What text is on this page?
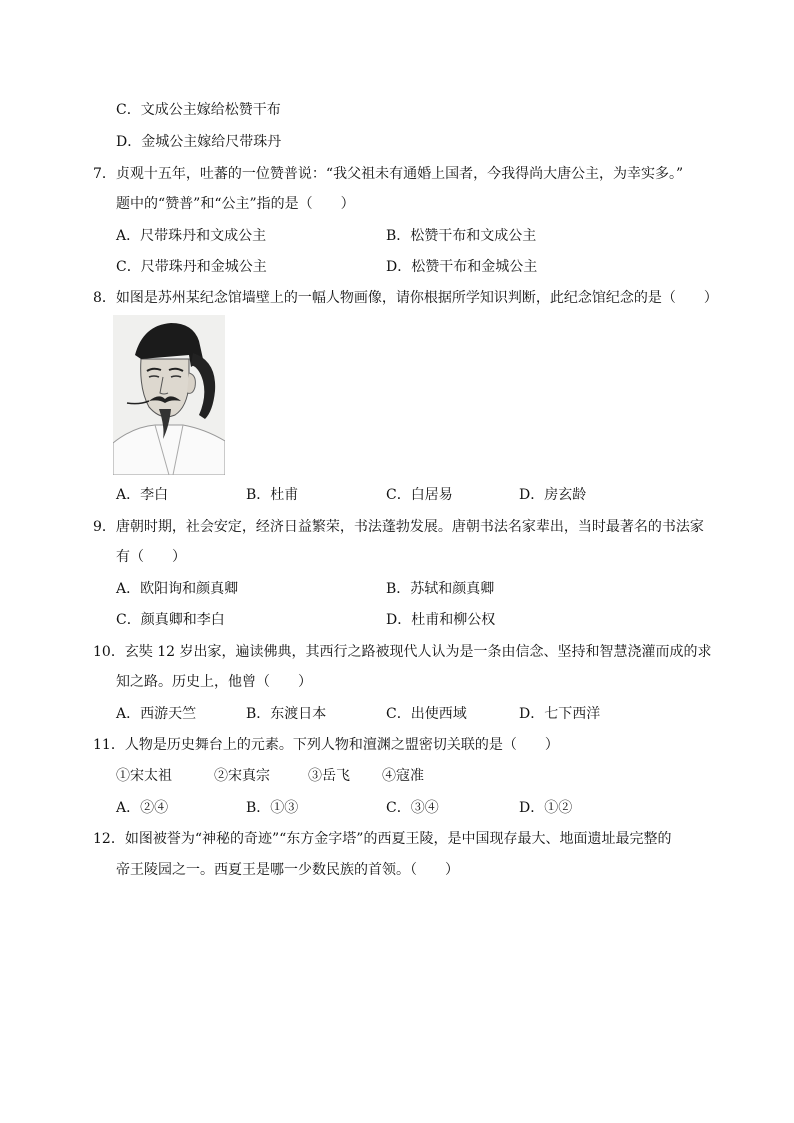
C．文成公主嫁给松赞干布
D．金城公主嫁给尺带珠丹
7．贞观十五年，吐蕃的一位赞普说：“我父祖未有通婚上国者，今我得尚大唐公主，为幸实多。”
题中的“赞普”和“公主”指的是（　　）
A．尺带珠丹和文成公主	B．松赞干布和文成公主
C．尺带珠丹和金城公主	D．松赞干布和金城公主
8．如图是苏州某纪念馆墙壁上的一幅人物画像，请你根据所学知识判断，此纪念馆纪念的是（　　）
A．李白	B．杜甫	C．白居易	D．房玄龄
9．唐朝时期，社会安定，经济日益繁荣，书法蓬勃发展。唐朝书法名家辈出，当时最著名的书法家
有（　　）
A．欧阳询和颜真卿	B．苏轼和颜真卿
C．颜真卿和李白	D．杜甫和柳公权
10．玄奘 12 岁出家，遍读佛典，其西行之路被现代人认为是一条由信念、坚持和智慧浇灌而成的求
知之路。历史上，他曾（　　）
A．西游天竺	B．东渡日本	C．出使西域	D．七下西洋
11．人物是历史舞台上的元素。下列人物和澶渊之盟密切关联的是（　　）
①宋太祖	②宋真宗	③岳飞 ④寇准
A．②④	B．①③	C．③④	D．①②
12．如图被誉为“神秘的奇迹”“东方金字塔”的西夏王陵，是中国现存最大、地面遗址最完整的
帝王陵园之一。西夏王是哪一少数民族的首领。（　　）
